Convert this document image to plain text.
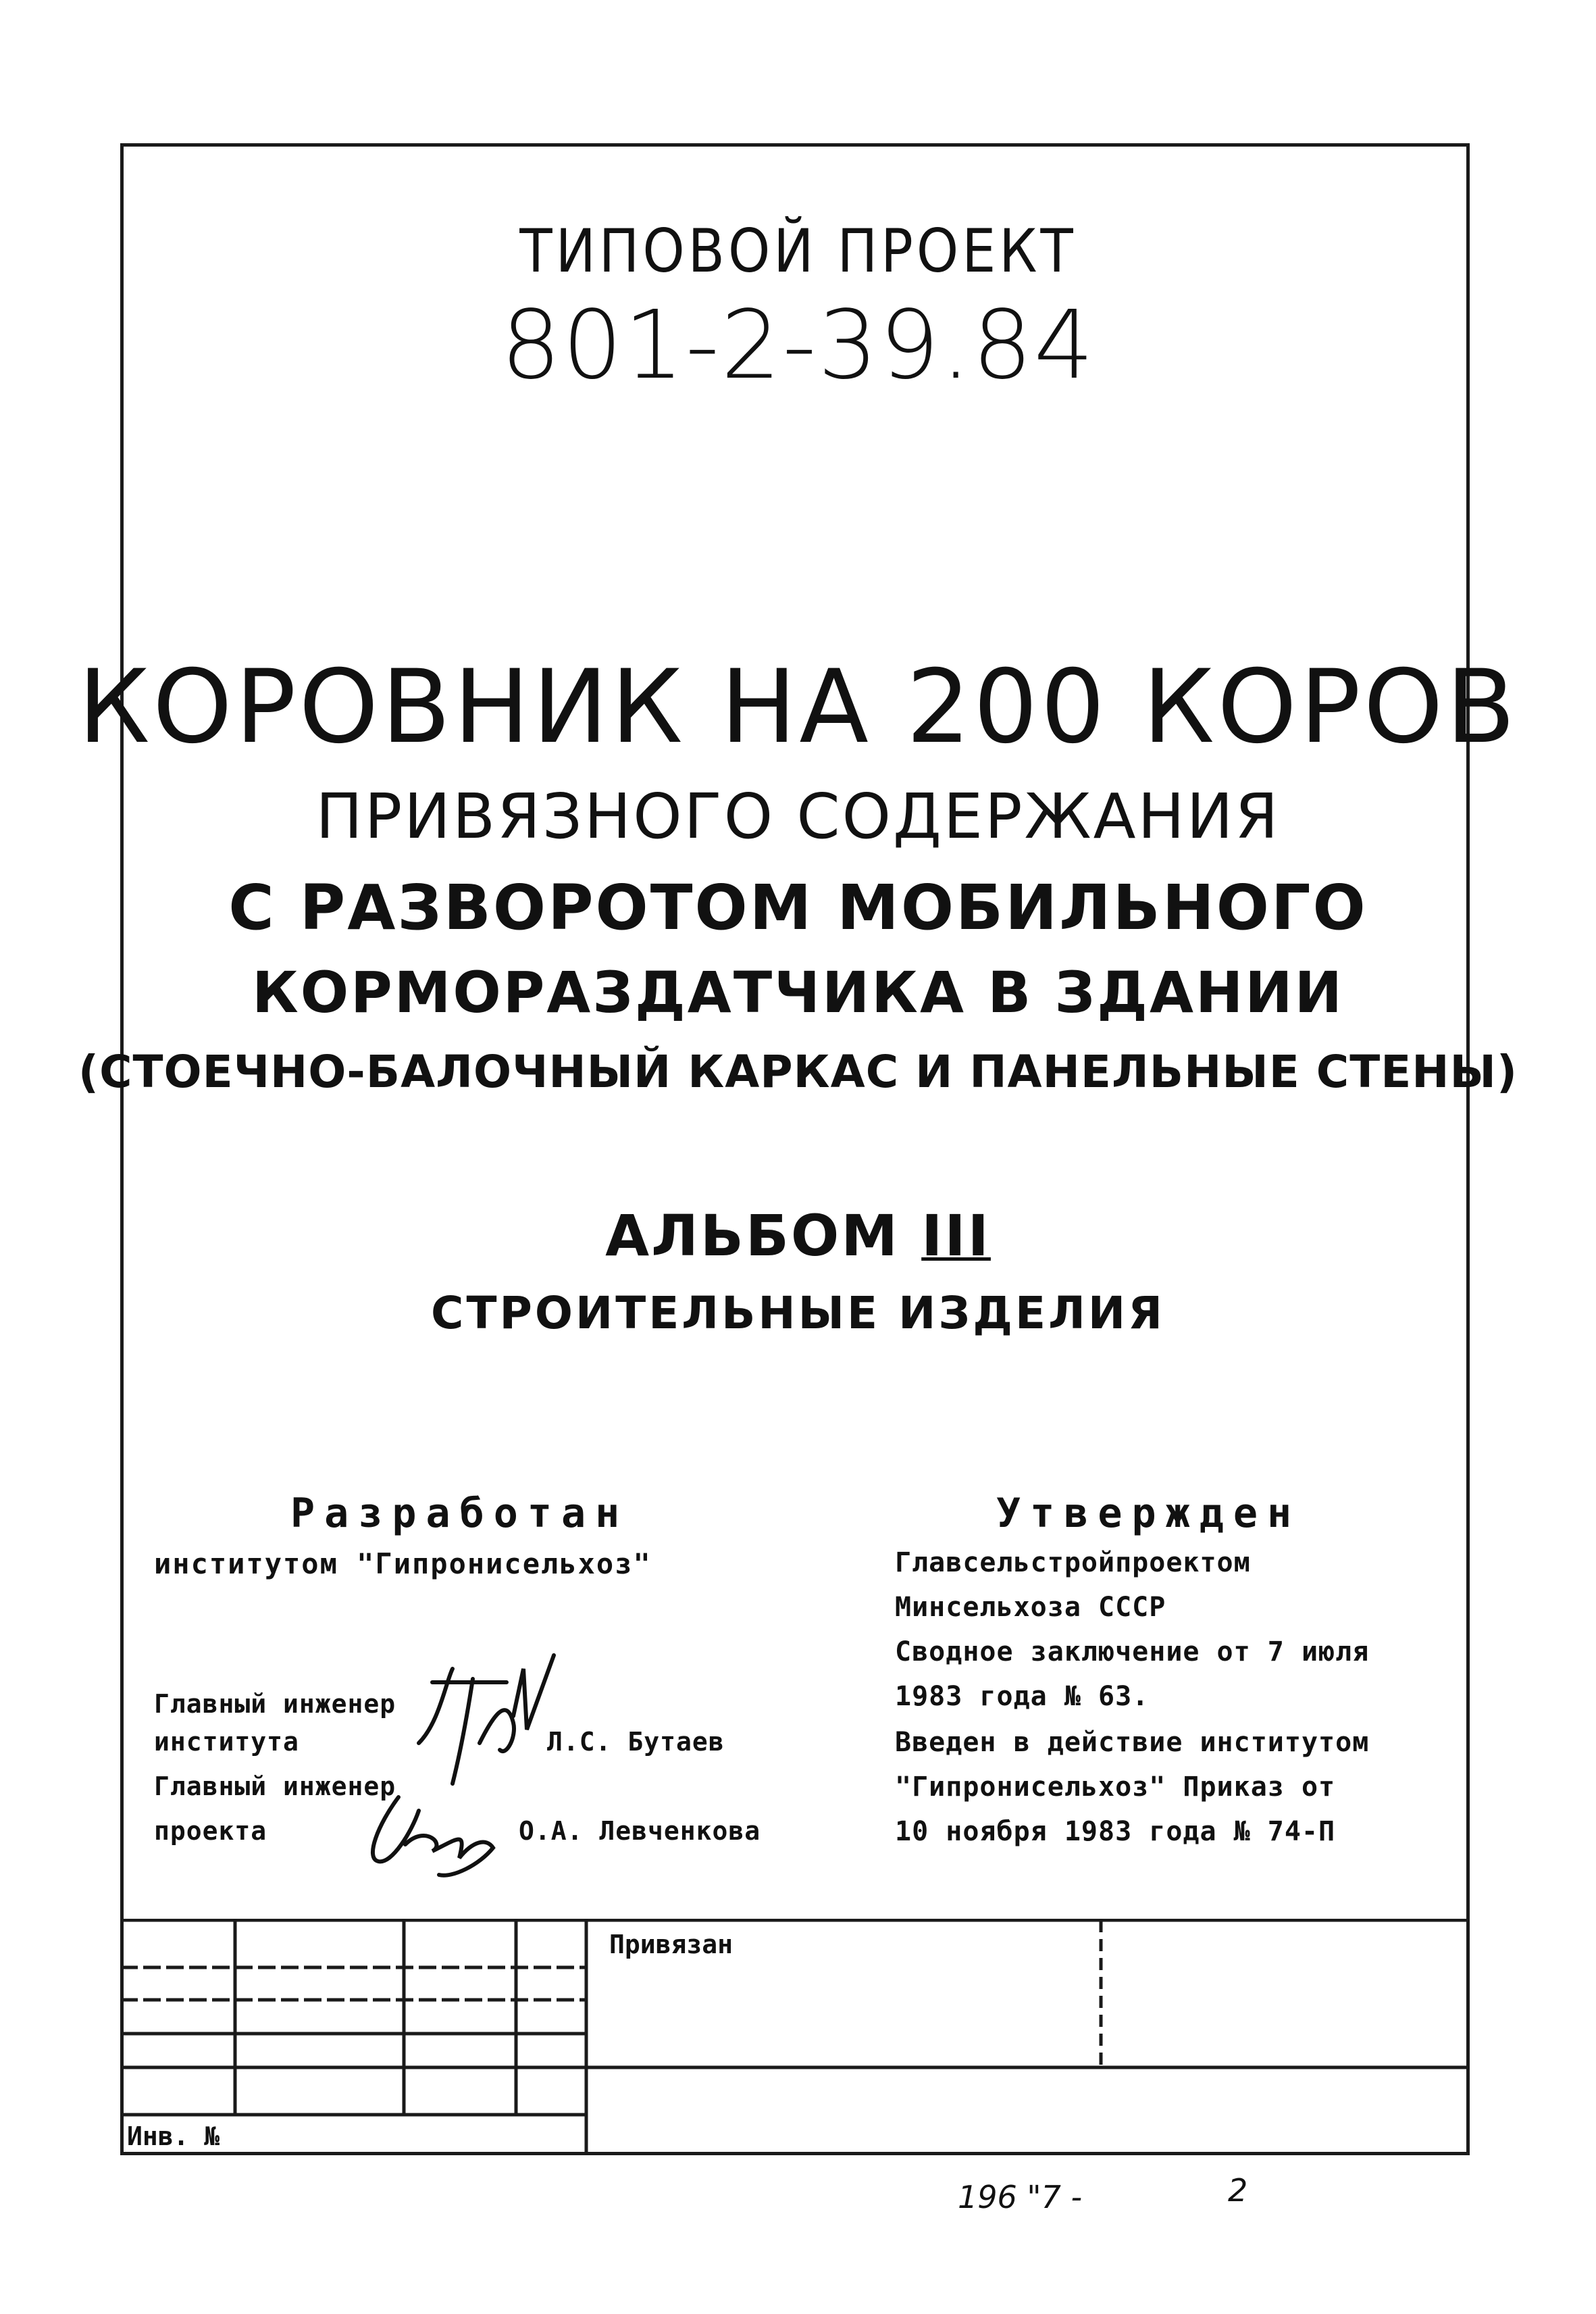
ТИПОВОЙ ПРОЕКТ
801-2-39.84
КОРОВНИК НА 200 КОРОВ
ПРИВЯЗНОГО СОДЕРЖАНИЯ
С РАЗВОРОТОМ МОБИЛЬНОГО
КОРМОРАЗДАТЧИКА В ЗДАНИИ
(СТОЕЧНО-БАЛОЧНЫЙ КАРКАС И ПАНЕЛЬНЫЕ СТЕНЫ)
АЛЬБОМ III
СТРОИТЕЛЬНЫЕ ИЗДЕЛИЯ
Разработан
институтом "Гипронисельхоз"
Главный инженер
института	Л.С. Бутаев
Главный инженер
проекта	О.А. Левченкова
Утвержден
Главсельстройпроектом
Минсельхоза СССР
Сводное заключение от 7 июля
1983 года № 63.
Введен в действие институтом
"Гипронисельхоз" Приказ от
10 ноября 1983 года № 74-П
Привязан
Инв. №
196 "7 -	2
